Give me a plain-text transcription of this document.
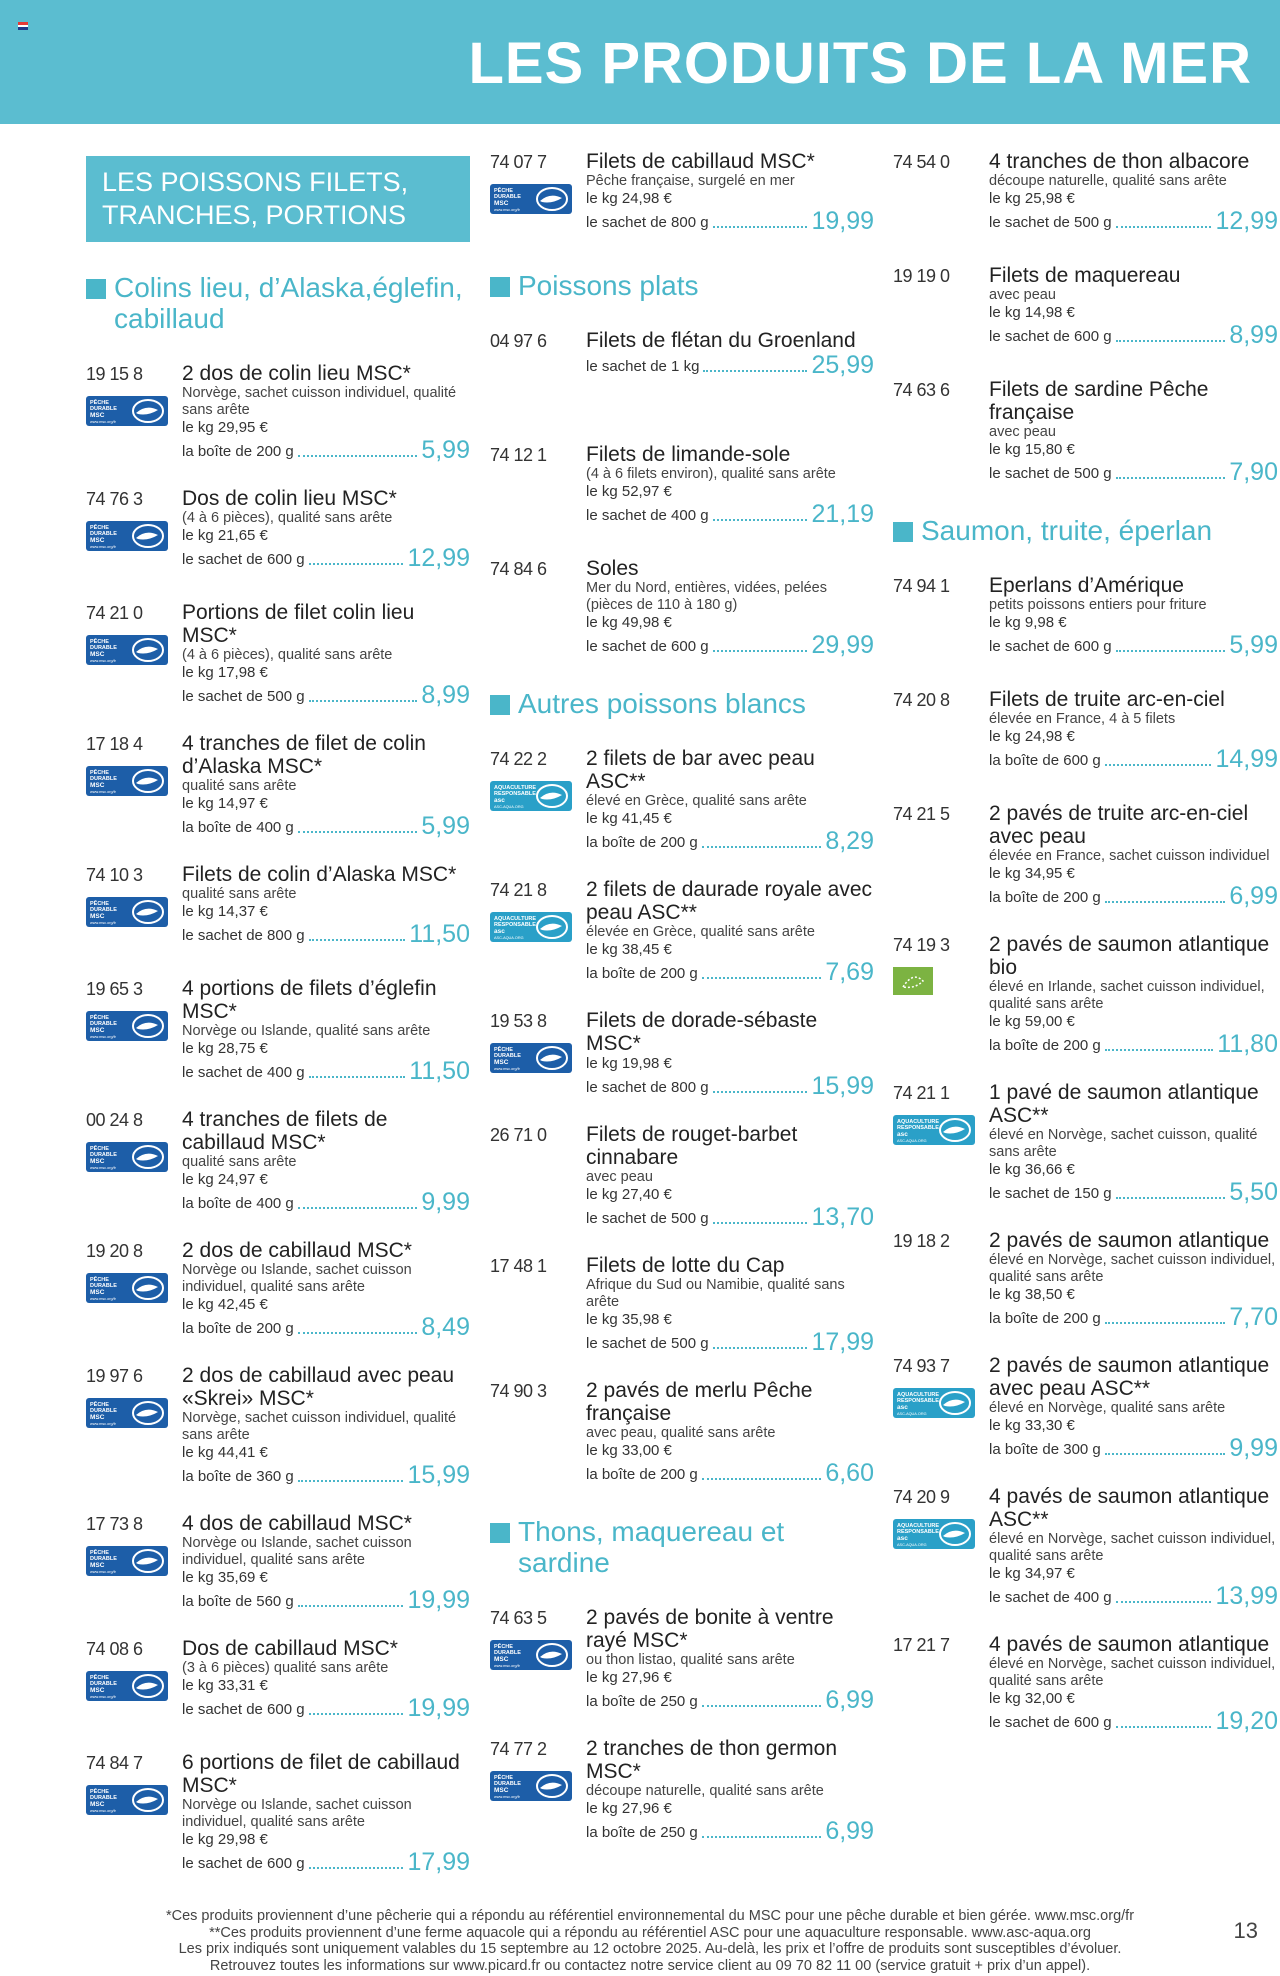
LES PRODUITS DE LA MER
LES POISSONS FILETS, TRANCHES, PORTIONS
Colins lieu, d’Alaska,églefin, cabillaud
19 15 8
PÊCHE
DURABLE
MSC
www.msc.org/fr
2 dos de colin lieu MSC*
Norvège, sachet cuisson individuel, qualité sans arête
le kg 29,95 €
la boîte de 200 g	5,99
74 76 3
PÊCHE
DURABLE
MSC
www.msc.org/fr
Dos de colin lieu MSC*
(4 à 6 pièces), qualité sans arête
le kg 21,65 €
le sachet de 600 g	12,99
74 21 0
PÊCHE
DURABLE
MSC
www.msc.org/fr
Portions de filet colin lieu MSC*
(4 à 6 pièces), qualité sans arête
le kg 17,98 €
le sachet de 500 g	8,99
17 18 4
PÊCHE
DURABLE
MSC
www.msc.org/fr
4 tranches de filet de colin d’Alaska MSC*
qualité sans arête
le kg 14,97 €
la boîte de 400 g	5,99
74 10 3
PÊCHE
DURABLE
MSC
www.msc.org/fr
Filets de colin d’Alaska MSC*
qualité sans arête
le kg 14,37 €
le sachet de 800 g	11,50
19 65 3
PÊCHE
DURABLE
MSC
www.msc.org/fr
4 portions de filets d’églefin MSC*
Norvège ou Islande, qualité sans arête
le kg 28,75 €
le sachet de 400 g	11,50
00 24 8
PÊCHE
DURABLE
MSC
www.msc.org/fr
4 tranches de filets de cabillaud MSC*
qualité sans arête
le kg 24,97 €
la boîte de 400 g	9,99
19 20 8
PÊCHE
DURABLE
MSC
www.msc.org/fr
2 dos de cabillaud MSC*
Norvège ou Islande, sachet cuisson individuel, qualité sans arête
le kg 42,45 €
la boîte de 200 g	8,49
19 97 6
PÊCHE
DURABLE
MSC
www.msc.org/fr
2 dos de cabillaud avec peau «Skrei» MSC*
Norvège, sachet cuisson individuel, qualité sans arête
le kg 44,41 €
la boîte de 360 g	15,99
17 73 8
PÊCHE
DURABLE
MSC
www.msc.org/fr
4 dos de cabillaud MSC*
Norvège ou Islande, sachet cuisson individuel, qualité sans arête
le kg 35,69 €
la boîte de 560 g	19,99
74 08 6
PÊCHE
DURABLE
MSC
www.msc.org/fr
Dos de cabillaud MSC*
(3 à 6 pièces) qualité sans arête
le kg 33,31 €
le sachet de 600 g	19,99
74 84 7
PÊCHE
DURABLE
MSC
www.msc.org/fr
6 portions de filet de cabillaud MSC*
Norvège ou Islande, sachet cuisson individuel, qualité sans arête
le kg 29,98 €
le sachet de 600 g	17,99
74 07 7
PÊCHE
DURABLE
MSC
www.msc.org/fr
Filets de cabillaud MSC*
Pêche française, surgelé en mer
le kg 24,98 €
le sachet de 800 g	19,99
Poissons plats
04 97 6 Filets de flétan du Groenland
le sachet de 1 kg	25,99
74 12 1 Filets de limande-sole
(4 à 6 filets environ), qualité sans arête
le kg 52,97 €
le sachet de 400 g	21,19
74 84 6 Soles
Mer du Nord, entières, vidées, pelées (pièces de 110 à 180 g)
le kg 49,98 €
le sachet de 600 g	29,99
Autres poissons blancs
74 22 2
AQUACULTURE
RESPONSABLE
asc
ASC-AQUA.ORG
2 filets de bar avec peau ASC**
élevé en Grèce, qualité sans arête
le kg 41,45 €
la boîte de 200 g	8,29
74 21 8
AQUACULTURE
RESPONSABLE
asc
ASC-AQUA.ORG
2 filets de daurade royale avec peau ASC**
élevée en Grèce, qualité sans arête
le kg 38,45 €
la boîte de 200 g	7,69
19 53 8
PÊCHE
DURABLE
MSC
www.msc.org/fr
Filets de dorade-sébaste MSC*
le kg 19,98 €
le sachet de 800 g	15,99
26 71 0 Filets de rouget-barbet cinnabare
avec peau
le kg 27,40 €
le sachet de 500 g	13,70
17 48 1 Filets de lotte du Cap
Afrique du Sud ou Namibie, qualité sans arête
le kg 35,98 €
le sachet de 500 g	17,99
74 90 3 2 pavés de merlu Pêche française
avec peau, qualité sans arête
le kg 33,00 €
la boîte de 200 g	6,60
Thons, maquereau et sardine
74 63 5
PÊCHE
DURABLE
MSC
www.msc.org/fr
2 pavés de bonite à ventre rayé MSC*
ou thon listao, qualité sans arête
le kg 27,96 €
la boîte de 250 g	6,99
74 77 2
PÊCHE
DURABLE
MSC
www.msc.org/fr
2 tranches de thon germon MSC*
découpe naturelle, qualité sans arête
le kg 27,96 €
la boîte de 250 g	6,99
74 54 0 4 tranches de thon albacore
découpe naturelle, qualité sans arête
le kg 25,98 €
le sachet de 500 g	12,99
19 19 0 Filets de maquereau
avec peau
le kg 14,98 €
le sachet de 600 g	8,99
74 63 6 Filets de sardine Pêche française
avec peau
le kg 15,80 €
le sachet de 500 g	7,90
Saumon, truite, éperlan
74 94 1 Eperlans d’Amérique
petits poissons entiers pour friture
le kg 9,98 €
le sachet de 600 g	5,99
74 20 8 Filets de truite arc-en-ciel
élevée en France, 4 à 5 filets
le kg 24,98 €
la boîte de 600 g	14,99
74 21 5 2 pavés de truite arc-en-ciel avec peau
élevée en France, sachet cuisson individuel
le kg 34,95 €
la boîte de 200 g	6,99
74 19 3 2 pavés de saumon atlantique bio
élevé en Irlande, sachet cuisson individuel, qualité sans arête
le kg 59,00 €
la boîte de 200 g	11,80
74 21 1
AQUACULTURE
RESPONSABLE
asc
ASC-AQUA.ORG
1 pavé de saumon atlantique ASC**
élevé en Norvège, sachet cuisson, qualité sans arête
le kg 36,66 €
le sachet de 150 g	5,50
19 18 2 2 pavés de saumon atlantique
élevé en Norvège, sachet cuisson individuel, qualité sans arête
le kg 38,50 €
la boîte de 200 g	7,70
74 93 7
AQUACULTURE
RESPONSABLE
asc
ASC-AQUA.ORG
2 pavés de saumon atlantique avec peau ASC**
élevé en Norvège, qualité sans arête
le kg 33,30 €
la boîte de 300 g	9,99
74 20 9
AQUACULTURE
RESPONSABLE
asc
ASC-AQUA.ORG
4 pavés de saumon atlantique ASC**
élevé en Norvège, sachet cuisson individuel, qualité sans arête
le kg 34,97 €
le sachet de 400 g	13,99
17 21 7 4 pavés de saumon atlantique
élevé en Norvège, sachet cuisson individuel, qualité sans arête
le kg 32,00 €
le sachet de 600 g	19,20
*Ces produits proviennent d’une pêcherie qui a répondu au référentiel environnemental du MSC pour une pêche durable et bien gérée. www.msc.org/fr
**Ces produits proviennent d’une ferme aquacole qui a répondu au référentiel ASC pour une aquaculture responsable. www.asc-aqua.org
Les prix indiqués sont uniquement valables du 15 septembre au 12 octobre 2025. Au-delà, les prix et l’offre de produits sont susceptibles d’évoluer.
Retrouvez toutes les informations sur www.picard.fr ou contactez notre service client au 09 70 82 11 00 (service gratuit + prix d’un appel).
13
